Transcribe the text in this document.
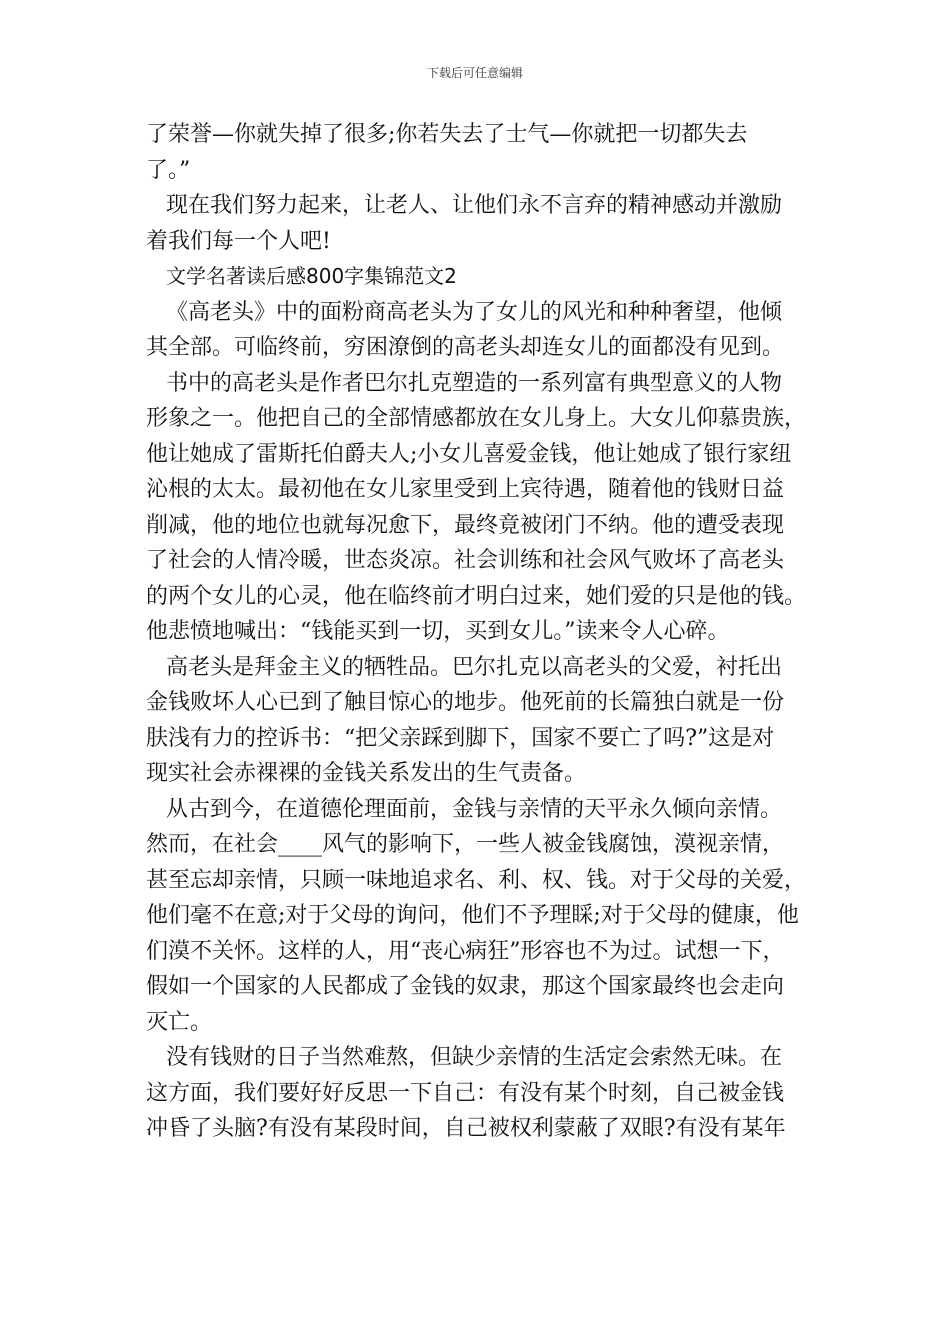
下载后可任意编辑
了荣誉—你就失掉了很多;你若失去了士气—你就把一切都失去
了。”
现在我们努力起来，让老人、让他们永不言弃的精神感动并激励
着我们每一个人吧!
文学名著读后感800字集锦范文2
《高老头》中的面粉商高老头为了女儿的风光和种种奢望，他倾
其全部。可临终前，穷困潦倒的高老头却连女儿的面都没有见到。
书中的高老头是作者巴尔扎克塑造的一系列富有典型意义的人物
形象之一。他把自己的全部情感都放在女儿身上。大女儿仰慕贵族，
他让她成了雷斯托伯爵夫人;小女儿喜爱金钱，他让她成了银行家纽
沁根的太太。最初他在女儿家里受到上宾待遇，随着他的钱财日益
削减，他的地位也就每况愈下，最终竟被闭门不纳。他的遭受表现
了社会的人情冷暖，世态炎凉。社会训练和社会风气败坏了高老头
的两个女儿的心灵，他在临终前才明白过来，她们爱的只是他的钱。
他悲愤地喊出：“钱能买到一切，买到女儿。”读来令人心碎。
高老头是拜金主义的牺牲品。巴尔扎克以高老头的父爱，衬托出
金钱败坏人心已到了触目惊心的地步。他死前的长篇独白就是一份
肤浅有力的控诉书：“把父亲踩到脚下，国家不要亡了吗?”这是对
现实社会赤裸裸的金钱关系发出的生气责备。
从古到今，在道德伦理面前，金钱与亲情的天平永久倾向亲情。
然而，在社会____风气的影响下，一些人被金钱腐蚀，漠视亲情，
甚至忘却亲情，只顾一味地追求名、利、权、钱。对于父母的关爱，
他们毫不在意;对于父母的询问，他们不予理睬;对于父母的健康，他
们漠不关怀。这样的人，用“丧心病狂”形容也不为过。试想一下，
假如一个国家的人民都成了金钱的奴隶，那这个国家最终也会走向
灭亡。
没有钱财的日子当然难熬，但缺少亲情的生活定会索然无味。在
这方面，我们要好好反思一下自己：有没有某个时刻，自己被金钱
冲昏了头脑?有没有某段时间，自己被权利蒙蔽了双眼?有没有某年
